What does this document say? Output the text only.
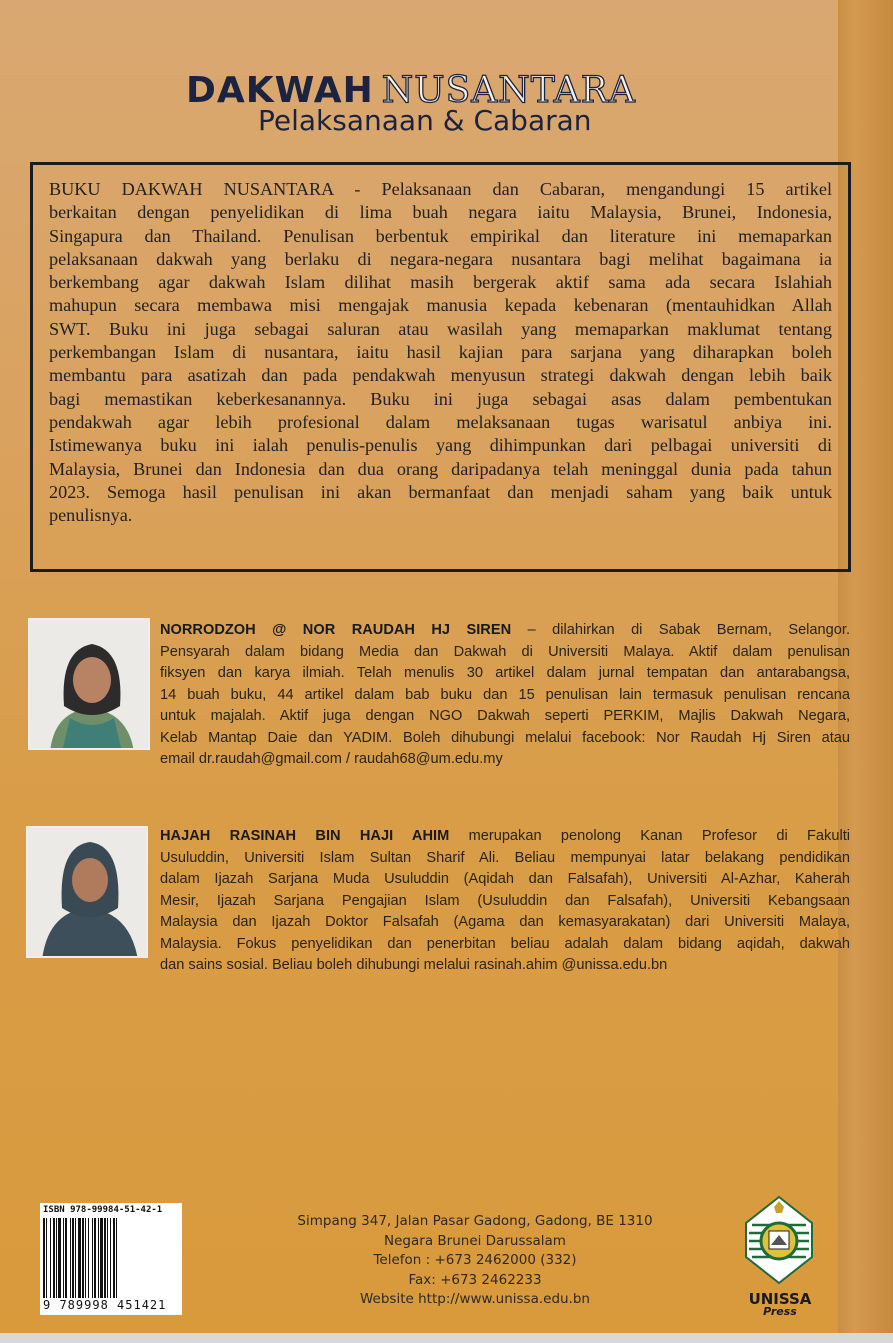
DAKWAH NUSANTARA
Pelaksanaan & Cabaran
BUKU DAKWAH NUSANTARA - Pelaksanaan dan Cabaran, mengandungi 15 artikel
berkaitan dengan penyelidikan di lima buah negara iaitu Malaysia, Brunei, Indonesia,
Singapura dan Thailand. Penulisan berbentuk empirikal dan literature ini memaparkan
pelaksanaan dakwah yang berlaku di negara-negara nusantara bagi melihat bagaimana ia
berkembang agar dakwah Islam dilihat masih bergerak aktif sama ada secara Islahiah
mahupun secara membawa misi mengajak manusia kepada kebenaran (mentauhidkan Allah
SWT. Buku ini juga sebagai saluran atau wasilah yang memaparkan maklumat tentang
perkembangan Islam di nusantara, iaitu hasil kajian para sarjana yang diharapkan boleh
membantu para asatizah dan pada pendakwah menyusun strategi dakwah dengan lebih baik
bagi memastikan keberkesanannya. Buku ini juga sebagai asas dalam pembentukan
pendakwah agar lebih profesional dalam melaksanaan tugas warisatul anbiya ini.
Istimewanya buku ini ialah penulis-penulis yang dihimpunkan dari pelbagai universiti di
Malaysia, Brunei dan Indonesia dan dua orang daripadanya telah meninggal dunia pada tahun
2023. Semoga hasil penulisan ini akan bermanfaat dan menjadi saham yang baik untuk
penulisnya.
NORRODZOH @ NOR RAUDAH HJ SIREN – dilahirkan di Sabak Bernam, Selangor.
Pensyarah dalam bidang Media dan Dakwah di Universiti Malaya. Aktif dalam penulisan
fiksyen dan karya ilmiah. Telah menulis 30 artikel dalam jurnal tempatan dan antarabangsa,
14 buah buku, 44 artikel dalam bab buku dan 15 penulisan lain termasuk penulisan rencana
untuk majalah. Aktif juga dengan NGO Dakwah seperti PERKIM, Majlis Dakwah Negara,
Kelab Mantap Daie dan YADIM. Boleh dihubungi melalui facebook: Nor Raudah Hj Siren atau
email dr.raudah@gmail.com / raudah68@um.edu.my
HAJAH RASINAH BIN HAJI AHIM merupakan penolong Kanan Profesor di Fakulti
Usuluddin, Universiti Islam Sultan Sharif Ali. Beliau mempunyai latar belakang pendidikan
dalam Ijazah Sarjana Muda Usuluddin (Aqidah dan Falsafah), Universiti Al-Azhar, Kaherah
Mesir, Ijazah Sarjana Pengajian Islam (Usuluddin dan Falsafah), Universiti Kebangsaan
Malaysia dan Ijazah Doktor Falsafah (Agama dan kemasyarakatan) dari Universiti Malaya,
Malaysia. Fokus penyelidikan dan penerbitan beliau adalah dalam bidang aqidah, dakwah
dan sains sosial. Beliau boleh dihubungi melalui rasinah.ahim @unissa.edu.bn
ISBN 978-99984-51-42-1
9 789998 451421
Simpang 347, Jalan Pasar Gadong, Gadong, BE 1310
Negara Brunei Darussalam
Telefon : +673 2462000 (332)
Fax: +673 2462233
Website http://www.unissa.edu.bn	UNISSA
Press
